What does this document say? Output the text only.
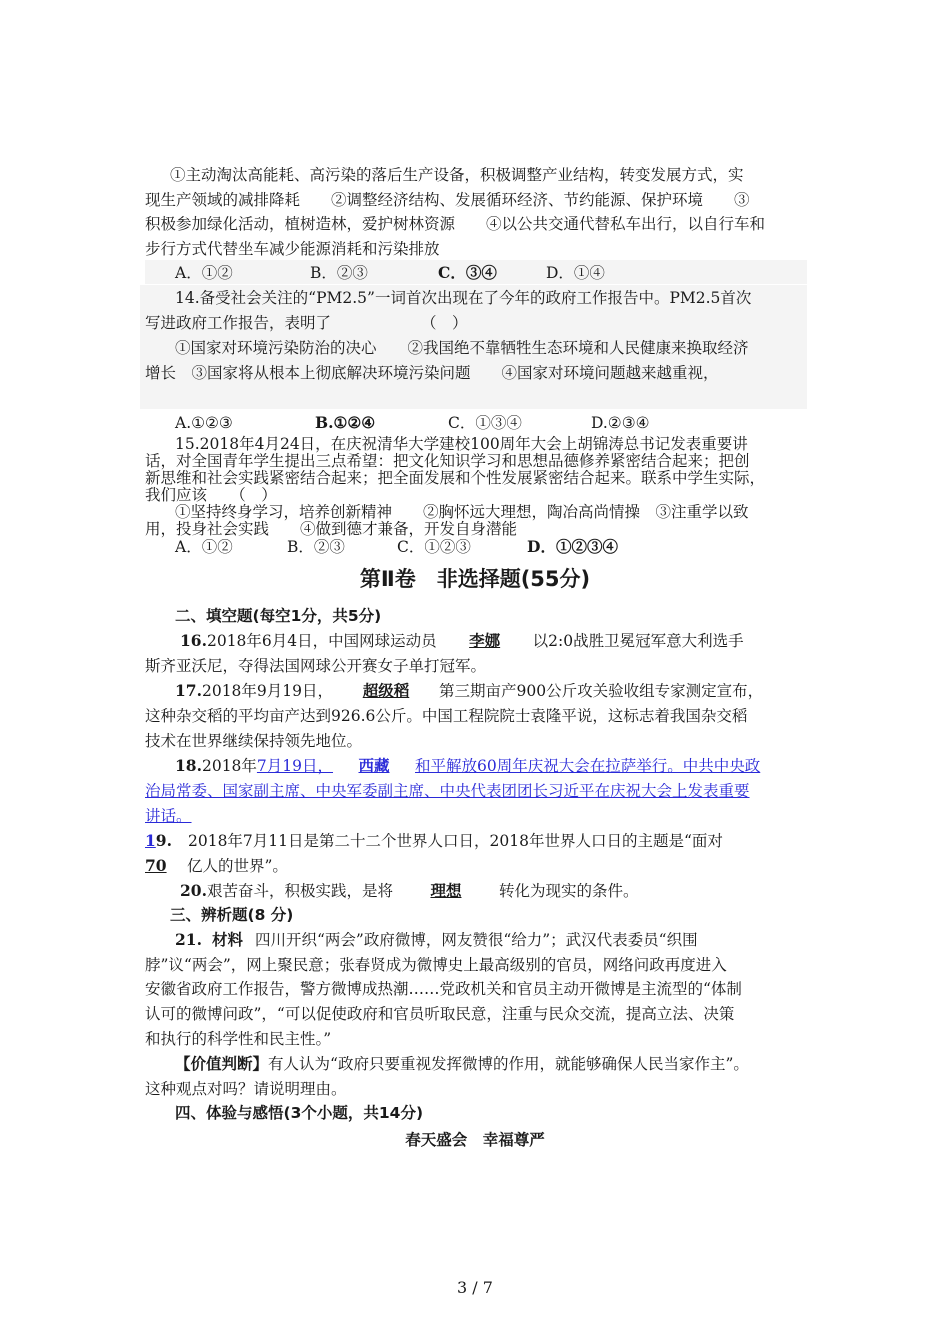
①主动淘汰高能耗、高污染的落后生产设备，积极调整产业结构，转变发展方式，实
现生产领域的减排降耗　　②调整经济结构、发展循环经济、节约能源、保护环境　　③
积极参加绿化活动，植树造林，爱护树林资源　　④以公共交通代替私车出行，以自行车和
步行方式代替坐车减少能源消耗和污染排放
A．①②	B．②③	C．③④	D．①④
14.备受社会关注的“PM2.5”一词首次出现在了今年的政府工作报告中。PM2.5首次
写进政府工作报告，表明了	（　）
①国家对环境污染防治的决心　　②我国绝不靠牺牲生态环境和人民健康来换取经济
增长　③国家将从根本上彻底解决环境污染问题　　④国家对环境问题越来越重视，
A.①②③	B.①②④	C．①③④	D.②③④
15.2018年4月24日，在庆祝清华大学建校100周年大会上胡锦涛总书记发表重要讲
话，对全国青年学生提出三点希望：把文化知识学习和思想品德修养紧密结合起来；把创
新思维和社会实践紧密结合起来；把全面发展和个性发展紧密结合起来。联系中学生实际，
我们应该　　（　）
①坚持终身学习，培养创新精神　　②胸怀远大理想，陶冶高尚情操　③注重学以致
用，投身社会实践　　④做到德才兼备，开发自身潜能
A．①②	B．②③	C．①②③	D．①②③④
第Ⅱ卷　非选择题(55分)
二、填空题(每空1分，共5分)
16.2018年6月4日，中国网球运动员 李娜 以2:0战胜卫冕冠军意大利选手
斯齐亚沃尼，夺得法国网球公开赛女子单打冠军。
17.2018年9月19日， 超级稻 第三期亩产900公斤攻关验收组专家测定宣布，
这种杂交稻的平均亩产达到926.6公斤。中国工程院院士袁隆平说，这标志着我国杂交稻
技术在世界继续保持领先地位。
18.2018年7月19日， 西藏 和平解放60周年庆祝大会在拉萨举行。中共中央政
治局常委、国家副主席、中央军委副主席、中央代表团团长习近平在庆祝大会上发表重要
讲话。
19. 2018年7月11日是第二十二个世界人口日，2018年世界人口日的主题是“面对
70 亿人的世界”。
20.艰苦奋斗，积极实践，是将 理想 转化为现实的条件。
三、辨析题(8 分)
21. 材料 四川开织“两会”政府微博，网友赞很“给力”；武汉代表委员“织围
脖”议“两会”，网上聚民意；张春贤成为微博史上最高级别的官员，网络问政再度进入
安徽省政府工作报告，警方微博成热潮……党政机关和官员主动开微博是主流型的“体制
认可的微博问政”，“可以促使政府和官员听取民意，注重与民众交流，提高立法、决策
和执行的科学性和民主性。”
【价值判断】有人认为“政府只要重视发挥微博的作用，就能够确保人民当家作主”。
这种观点对吗？请说明理由。
四、体验与感悟(3个小题，共14分)
春天盛会　幸福尊严
3 / 7
